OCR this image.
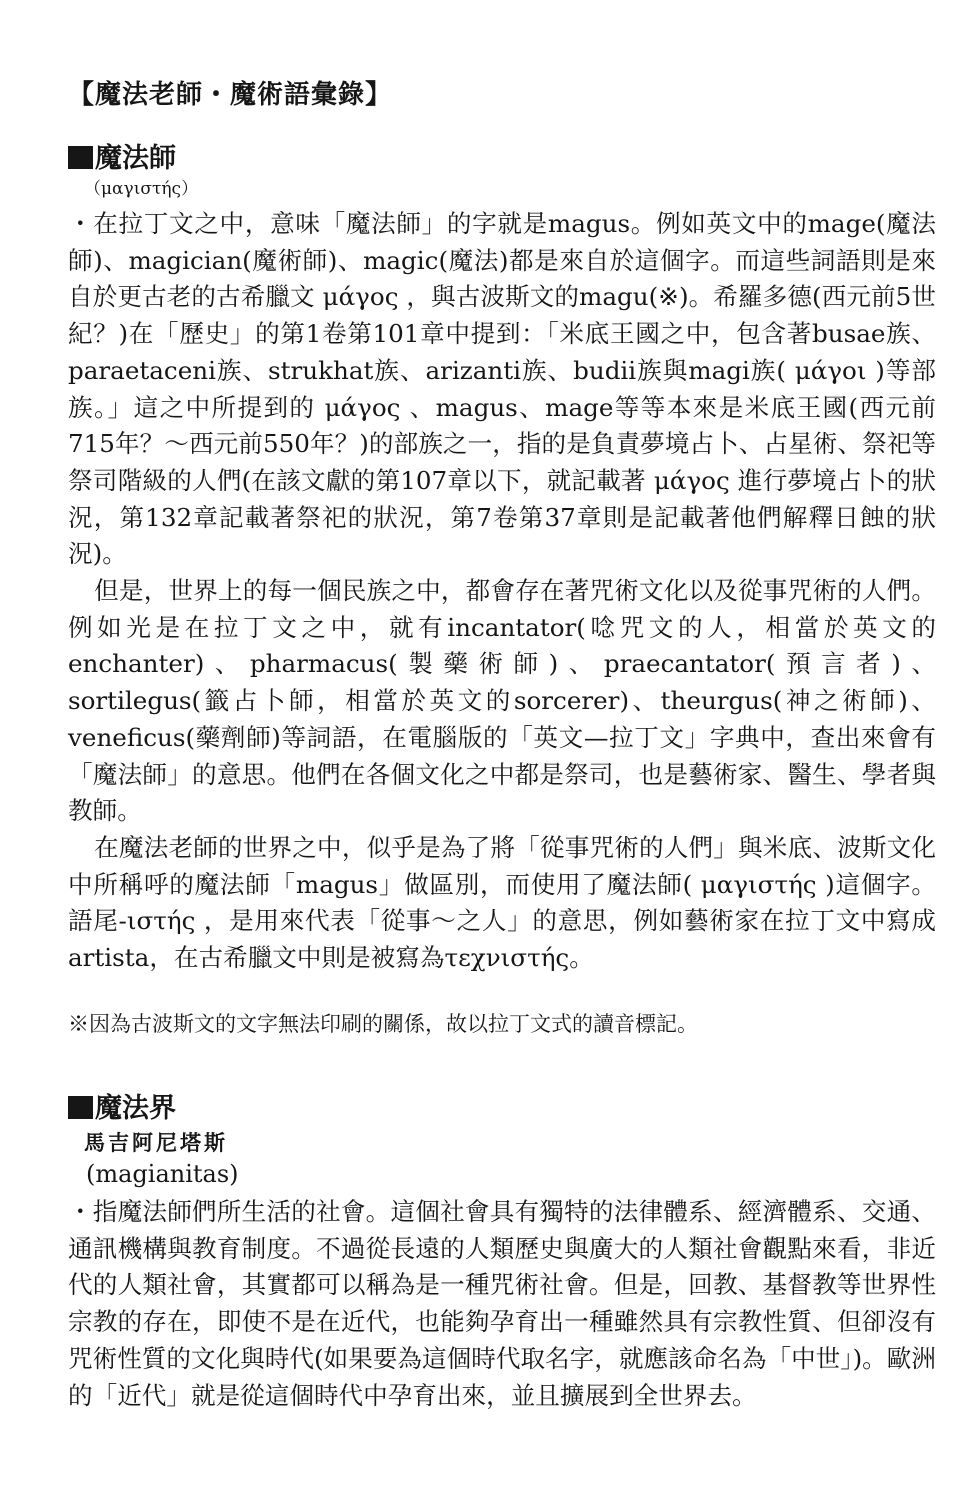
【魔法老師・魔術語彙錄】
魔法師
（μαγιστής）

・在拉丁文之中，意味「魔法師」的字就是magus。例如英文中的mage(魔法師)、magician(魔術師)、magic(魔法)都是來自於這個字。而這些詞語則是來自於更古老的古希臘文 μάγος ，與古波斯文的magu(※)。希羅多德(西元前5世紀？)在「歷史」的第1卷第101章中提到：「米底王國之中，包含著busae族、paraetaceni族、strukhat族、arizanti族、budii族與magi族( μάγοι )等部族。」這之中所提到的 μάγος 、magus、mage等等本來是米底王國(西元前715年？～西元前550年？)的部族之一，指的是負責夢境占卜、占星術、祭祀等祭司階級的人們(在該文獻的第107章以下，就記載著 μάγος 進行夢境占卜的狀況，第132章記載著祭祀的狀況，第7卷第37章則是記載著他們解釋日蝕的狀況)。

但是，世界上的每一個民族之中，都會存在著咒術文化以及從事咒術的人們。例如光是在拉丁文之中，就有incantator(唸咒文的人，相當於英文的enchanter)、pharmacus(製藥術師)、praecantator(預言者)、sortilegus(籤占卜師，相當於英文的sorcerer)、theurgus(神之術師)、veneficus(藥劑師)等詞語，在電腦版的「英文—拉丁文」字典中，查出來會有「魔法師」的意思。他們在各個文化之中都是祭司，也是藝術家、醫生、學者與教師。

在魔法老師的世界之中，似乎是為了將「從事咒術的人們」與米底、波斯文化中所稱呼的魔法師「magus」做區別，而使用了魔法師( μαγιστής )這個字。語尾-ιστής ，是用來代表「從事～之人」的意思，例如藝術家在拉丁文中寫成artista，在古希臘文中則是被寫為τεχνιστής。

※因為古波斯文的文字無法印刷的關係，故以拉丁文式的讀音標記。
魔法界
馬吉阿尼塔斯
(magianitas)

・指魔法師們所生活的社會。這個社會具有獨特的法律體系、經濟體系、交通、通訊機構與教育制度。不過從長遠的人類歷史與廣大的人類社會觀點來看，非近代的人類社會，其實都可以稱為是一種咒術社會。但是，回教、基督教等世界性宗教的存在，即使不是在近代，也能夠孕育出一種雖然具有宗教性質、但卻沒有咒術性質的文化與時代(如果要為這個時代取名字，就應該命名為「中世」)。歐洲的「近代」就是從這個時代中孕育出來，並且擴展到全世界去。
